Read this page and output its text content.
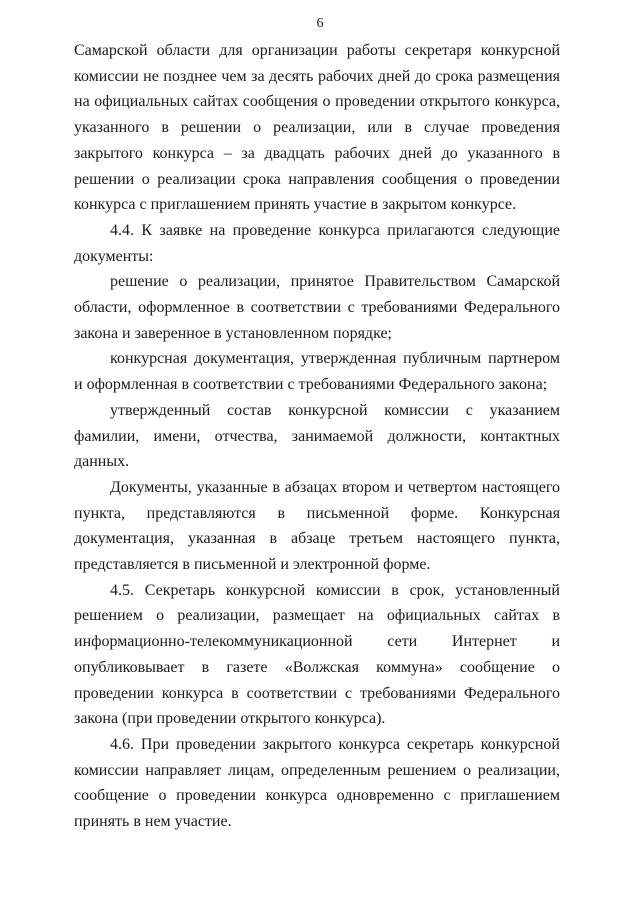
6

Самарской области для организации работы секретаря конкурсной комиссии не позднее чем за десять рабочих дней до срока размещения на официальных сайтах сообщения о проведении открытого конкурса, указанного в решении о реализации, или в случае проведения закрытого конкурса – за двадцать рабочих дней до указанного в решении о реализации срока направления сообщения о проведении конкурса с приглашением принять участие в закрытом конкурсе.

4.4. К заявке на проведение конкурса прилагаются следующие документы:

решение о реализации, принятое Правительством Самарской области, оформленное в соответствии с требованиями Федерального закона и заверенное в установленном порядке;

конкурсная документация, утвержденная публичным партнером и оформленная в соответствии с требованиями Федерального закона;

утвержденный состав конкурсной комиссии с указанием фамилии, имени, отчества, занимаемой должности, контактных данных.

Документы, указанные в абзацах втором и четвертом настоящего пункта, представляются в письменной форме. Конкурсная документация, указанная в абзаце третьем настоящего пункта, представляется в письменной и электронной форме.

4.5. Секретарь конкурсной комиссии в срок, установленный решением о реализации, размещает на официальных сайтах в информационно-телекоммуникационной сети Интернет и опубликовывает в газете «Волжская коммуна» сообщение о проведении конкурса в соответствии с требованиями Федерального закона (при проведении открытого конкурса).

4.6. При проведении закрытого конкурса секретарь конкурсной комиссии направляет лицам, определенным решением о реализации, сообщение о проведении конкурса одновременно с приглашением принять в нем участие.
